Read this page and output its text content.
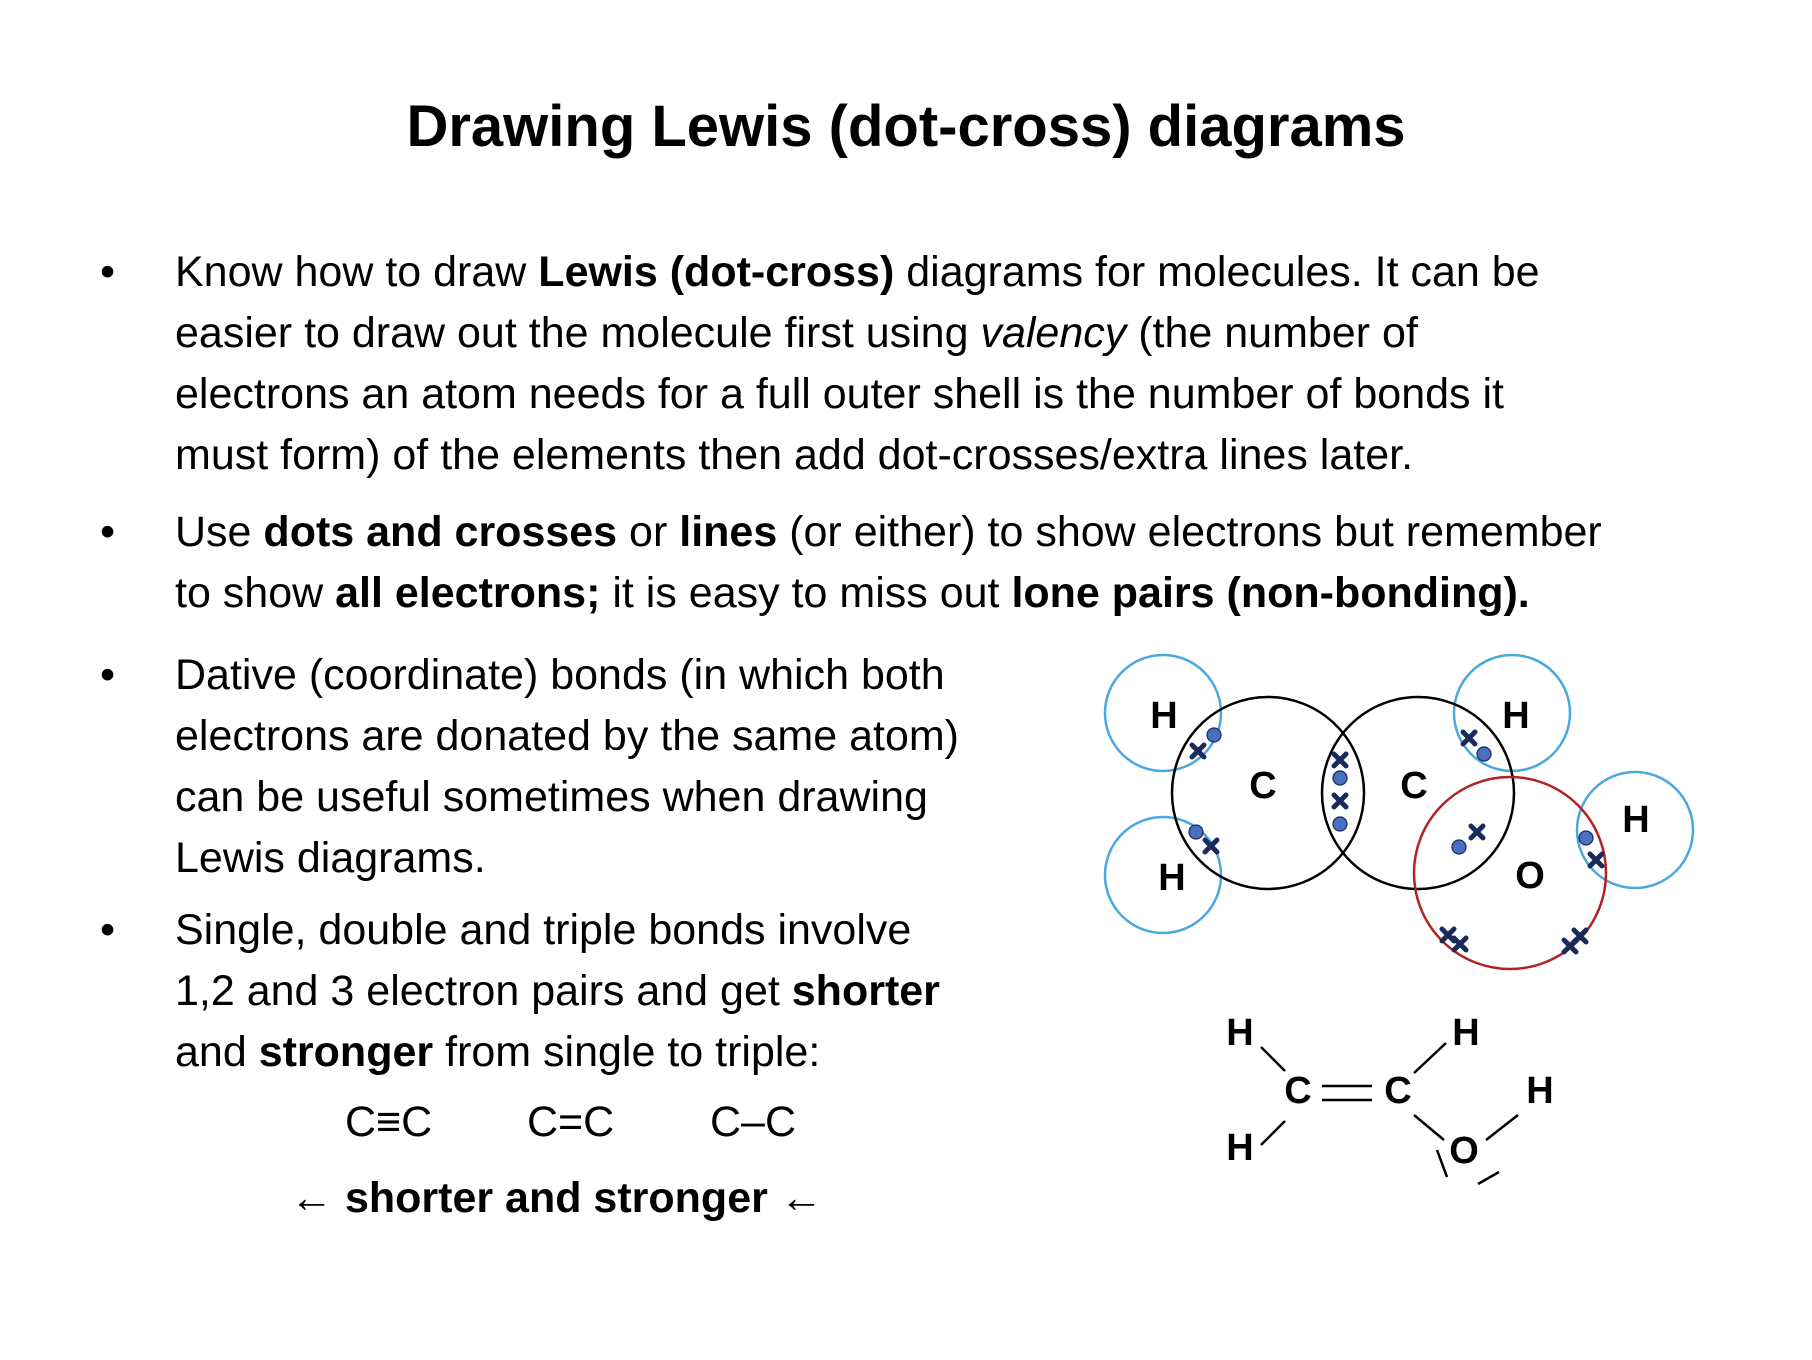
Drawing Lewis (dot-cross) diagrams
• Know how to draw Lewis (dot-cross) diagrams for molecules. It can be
easier to draw out the molecule first using valency (the number of
electrons an atom needs for a full outer shell is the number of bonds it
must form) of the elements then add dot-crosses/extra lines later.
• Use dots and crosses or lines (or either) to show electrons but remember
to show all electrons; it is easy to miss out lone pairs (non-bonding).
• Dative (coordinate) bonds (in which both
electrons are donated by the same atom)
can be useful sometimes when drawing
Lewis diagrams.
• Single, double and triple bonds involve
1,2 and 3 electron pairs and get shorter
and stronger from single to triple:
C≡C C=C C–C
← shorter and stronger ←
H
H
H
H
C	C
O
H
H
C C
H
H
O
